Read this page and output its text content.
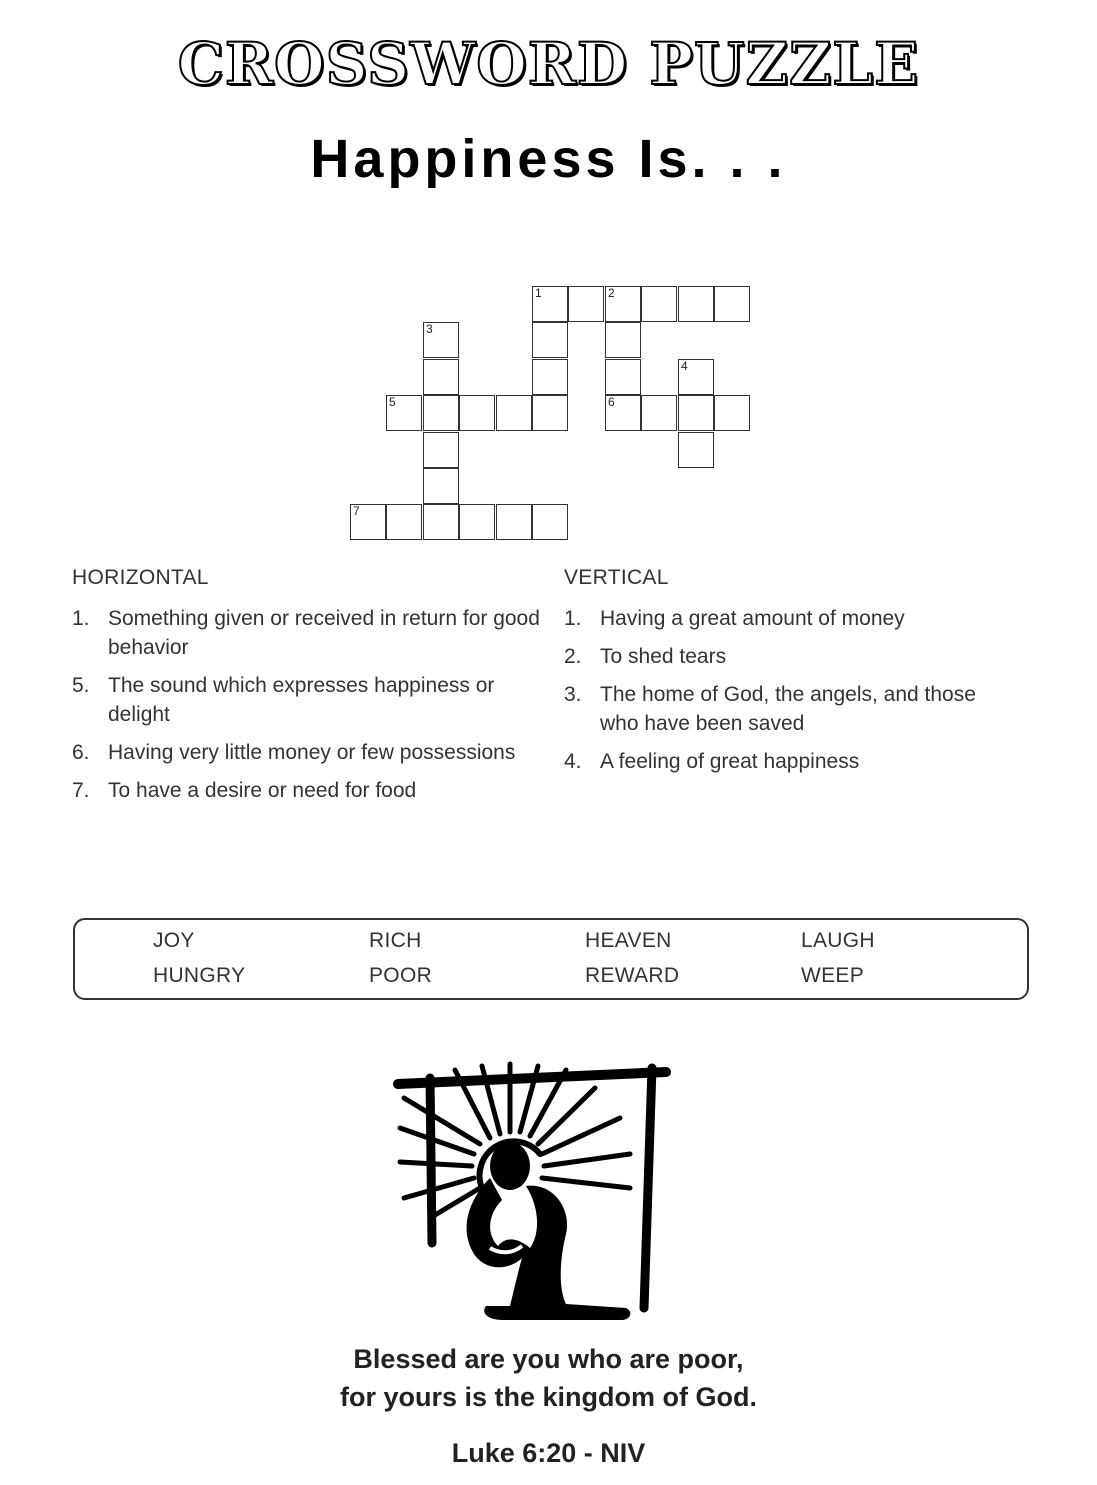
CROSSWORD PUZZLE
Happiness Is. . .
1	2
6
3
5
4
7
HORIZONTAL
1. Something given or received in return for good behavior
5. The sound which expresses happiness or delight
6. Having very little money or few possessions
7. To have a desire or need for food
VERTICAL
1. Having a great amount of money
2. To shed tears
3. The home of God, the angels, and those who have been saved
4. A feeling of great happiness
JOY	RICH	HEAVEN	LAUGH
HUNGRY	POOR	REWARD	WEEP
Blessed are you who are poor,
for yours is the kingdom of God.
Luke 6:20 - NIV
